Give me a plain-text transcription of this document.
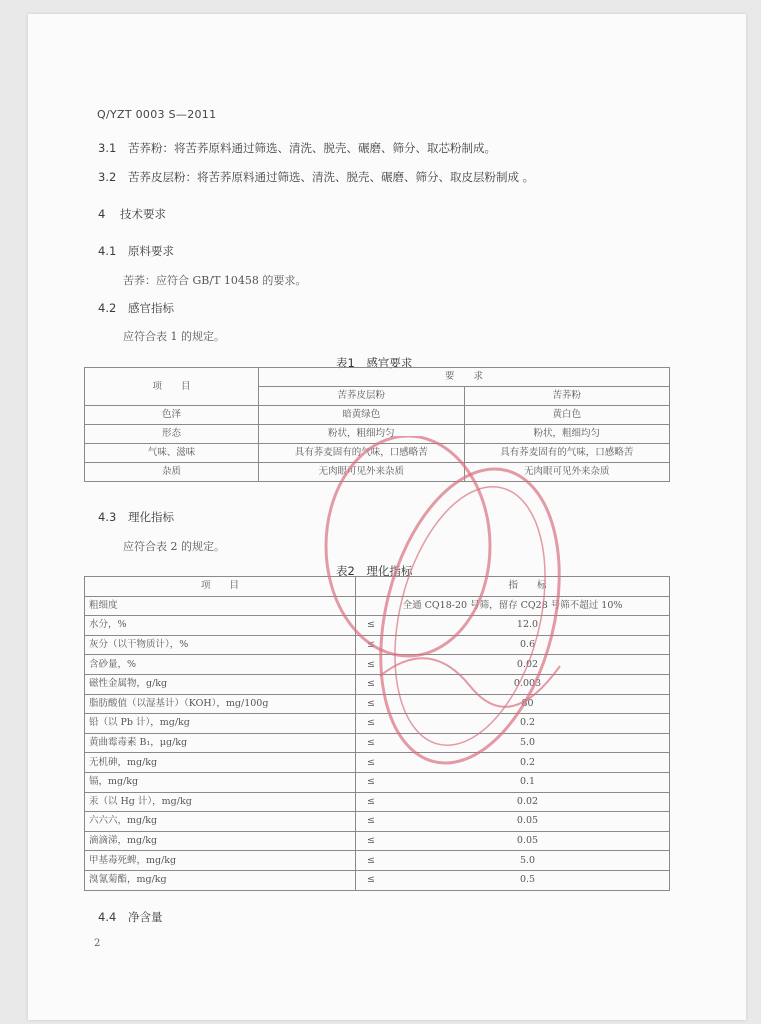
Q/YZT 0003 S—2011
3.1 苦荞粉：将苦荞原料通过筛选、清洗、脱壳、碾磨、筛分、取芯粉制成。
3.2 苦荞皮层粉：将苦荞原料通过筛选、清洗、脱壳、碾磨、筛分、取皮层粉制成 。
4 技术要求
4.1 原料要求
苦荞：应符合 GB/T 10458 的要求。
4.2 感官指标
应符合表 1 的规定。
表1　感官要求
项　　目	要　　求	
	苦荞皮层粉	苦荞粉
色泽	暗黄绿色	黄白色
形态	粉状，粗细均匀	粉状，粗细均匀
气味、滋味	具有荞麦固有的气味，口感略苦	具有荞麦固有的气味，口感略苦
杂质	无肉眼可见外来杂质	无肉眼可见外来杂质
4.3 理化指标
应符合表 2 的规定。
表2　理化指标
项　　目		指　　标
粗细度	全通 CQ18-20 号筛，留存 CQ28 号筛不超过 10%	
水分，%	≤	12.0
灰分（以干物质计），%	≤	0.6
含砂量，%	≤	0.02
磁性金属物，g/kg	≤	0.003
脂肪酸值（以湿基计）（KOH），mg/100g	≤	80
铅（以 Pb 计），mg/kg	≤	0.2
黄曲霉毒素 B₁，μg/kg	≤	5.0
无机砷，mg/kg	≤	0.2
镉，mg/kg	≤	0.1
汞（以 Hg 计），mg/kg	≤	0.02
六六六，mg/kg	≤	0.05
滴滴涕，mg/kg	≤	0.05
甲基毒死蜱，mg/kg	≤	5.0
溴氰菊酯，mg/kg	≤	0.5
2
4.4 净含量
